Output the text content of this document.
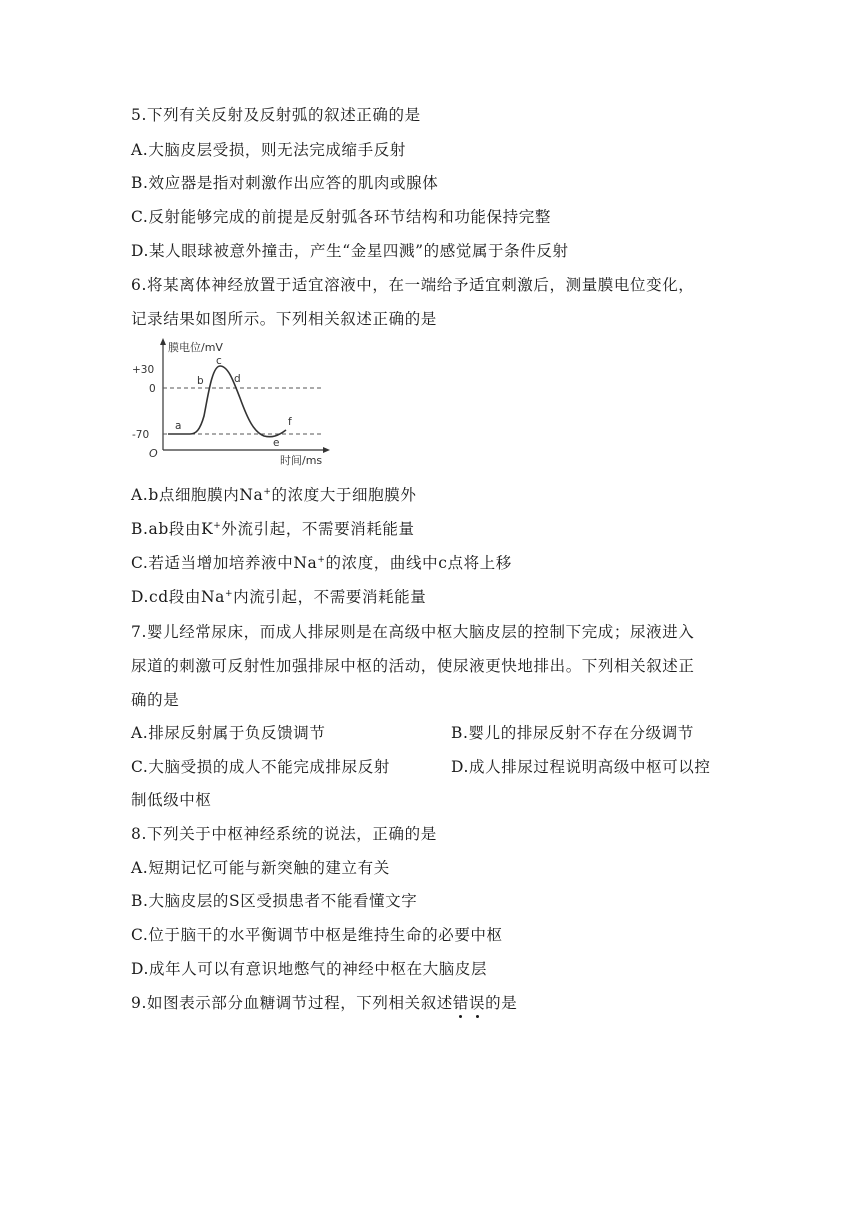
5.下列有关反射及反射弧的叙述正确的是
A.大脑皮层受损，则无法完成缩手反射
B.效应器是指对刺激作出应答的肌肉或腺体
C.反射能够完成的前提是反射弧各环节结构和功能保持完整
D.某人眼球被意外撞击，产生“金星四溅”的感觉属于条件反射
6.将某离体神经放置于适宜溶液中，在一端给予适宜刺激后，测量膜电位变化，
记录结果如图所示。下列相关叙述正确的是
膜电位/mV
时间/ms
O
+30
0
-70
a
b
c
d
e
f
A.b点细胞膜内Na+的浓度大于细胞膜外
B.ab段由K+外流引起，不需要消耗能量
C.若适当增加培养液中Na+的浓度，曲线中c点将上移
D.cd段由Na+内流引起，不需要消耗能量
7.婴儿经常尿床，而成人排尿则是在高级中枢大脑皮层的控制下完成；尿液进入
尿道的刺激可反射性加强排尿中枢的活动，使尿液更快地排出。下列相关叙述正
确的是
A.排尿反射属于负反馈调节	B.婴儿的排尿反射不存在分级调节
C.大脑受损的成人不能完成排尿反射	D.成人排尿过程说明高级中枢可以控
制低级中枢
8.下列关于中枢神经系统的说法，正确的是
A.短期记忆可能与新突触的建立有关
B.大脑皮层的S区受损患者不能看懂文字
C.位于脑干的水平衡调节中枢是维持生命的必要中枢
D.成年人可以有意识地憋气的神经中枢在大脑皮层
9.如图表示部分血糖调节过程，下列相关叙述错误的是
